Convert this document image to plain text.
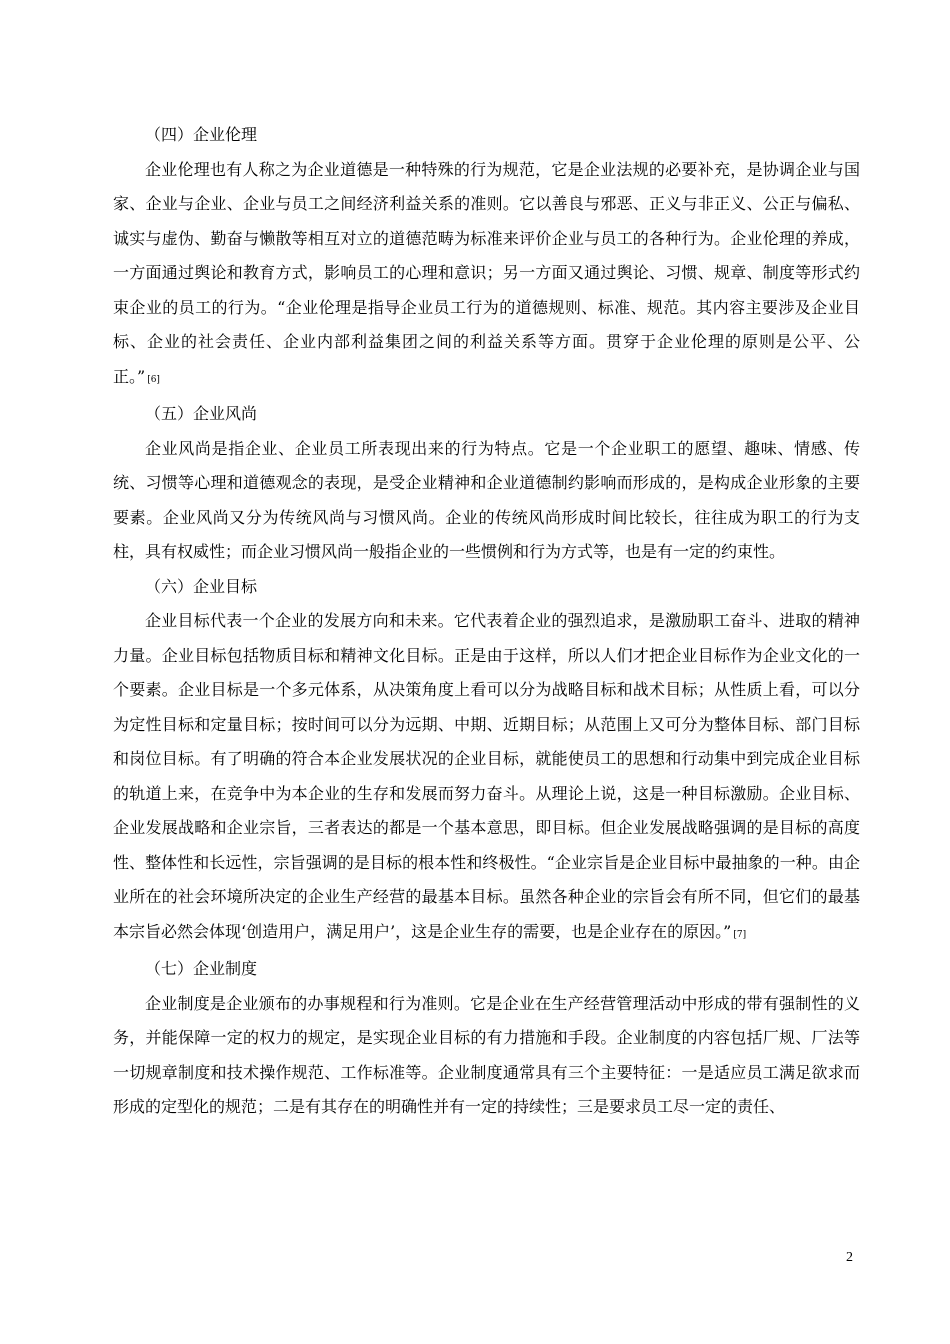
（四）企业伦理

企业伦理也有人称之为企业道德是一种特殊的行为规范，它是企业法规的必要补充，是协调企业与国家、企业与企业、企业与员工之间经济利益关系的准则。它以善良与邪恶、正义与非正义、公正与偏私、诚实与虚伪、勤奋与懒散等相互对立的道德范畴为标准来评价企业与员工的各种行为。企业伦理的养成，一方面通过舆论和教育方式，影响员工的心理和意识；另一方面又通过舆论、习惯、规章、制度等形式约束企业的员工的行为。“企业伦理是指导企业员工行为的道德规则、标准、规范。其内容主要涉及企业目标、企业的社会责任、企业内部利益集团之间的利益关系等方面。贯穿于企业伦理的原则是公平、公正。” [6]

（五）企业风尚

企业风尚是指企业、企业员工所表现出来的行为特点。它是一个企业职工的愿望、趣味、情感、传统、习惯等心理和道德观念的表现，是受企业精神和企业道德制约影响而形成的，是构成企业形象的主要要素。企业风尚又分为传统风尚与习惯风尚。企业的传统风尚形成时间比较长，往往成为职工的行为支柱，具有权威性；而企业习惯风尚一般指企业的一些惯例和行为方式等，也是有一定的约束性。

（六）企业目标

企业目标代表一个企业的发展方向和未来。它代表着企业的强烈追求，是激励职工奋斗、进取的精神力量。企业目标包括物质目标和精神文化目标。正是由于这样，所以人们才把企业目标作为企业文化的一个要素。企业目标是一个多元体系，从决策角度上看可以分为战略目标和战术目标；从性质上看，可以分为定性目标和定量目标；按时间可以分为远期、中期、近期目标；从范围上又可分为整体目标、部门目标和岗位目标。有了明确的符合本企业发展状况的企业目标，就能使员工的思想和行动集中到完成企业目标的轨道上来，在竞争中为本企业的生存和发展而努力奋斗。从理论上说，这是一种目标激励。企业目标、企业发展战略和企业宗旨，三者表达的都是一个基本意思，即目标。但企业发展战略强调的是目标的高度性、整体性和长远性，宗旨强调的是目标的根本性和终极性。“企业宗旨是企业目标中最抽象的一种。由企业所在的社会环境所决定的企业生产经营的最基本目标。虽然各种企业的宗旨会有所不同，但它们的最基本宗旨必然会体现‘创造用户，满足用户’，这是企业生存的需要，也是企业存在的原因。” [7]

（七）企业制度

企业制度是企业颁布的办事规程和行为准则。它是企业在生产经营管理活动中形成的带有强制性的义务，并能保障一定的权力的规定，是实现企业目标的有力措施和手段。企业制度的内容包括厂规、厂法等一切规章制度和技术操作规范、工作标准等。企业制度通常具有三个主要特征：一是适应员工满足欲求而形成的定型化的规范；二是有其存在的明确性并有一定的持续性；三是要求员工尽一定的责任、

2
